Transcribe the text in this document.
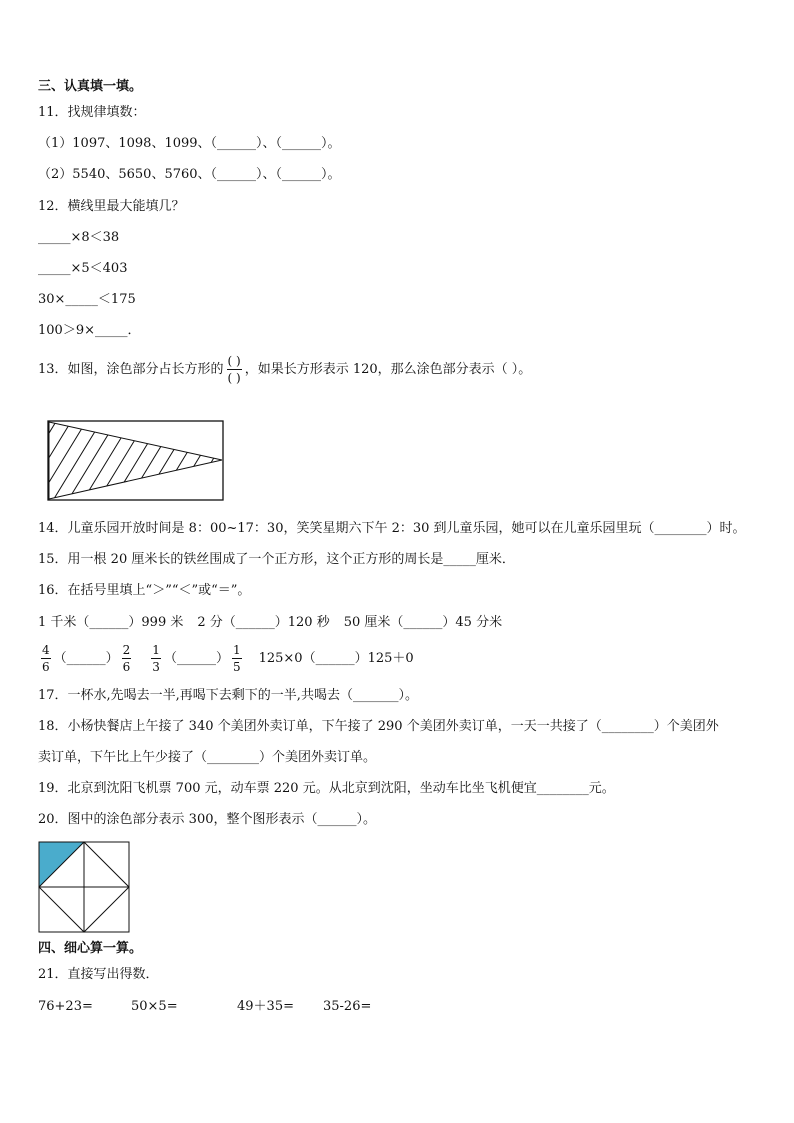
三、认真填一填。
11．找规律填数：
（1）1097、1098、1099、（______）、（______）。
（2）5540、5650、5760、（______）、（______）。
12．横线里最大能填几？
_____×8＜38
_____×5＜403
30×_____＜175
100＞9×_____．
13．如图，涂色部分占长方形的 $\frac{( )}{( )}$ ，如果长方形表示 120，那么涂色部分表示（ ）。
14．儿童乐园开放时间是 8：00~17：30，笑笑星期六下午 2：30 到儿童乐园，她可以在儿童乐园里玩（________）时。
15．用一根 20 厘米长的铁丝围成了一个正方形，这个正方形的周长是_____厘米．
16．在括号里填上“＞”“＜”或“＝”。
1 千米（______）999 米 2 分（______）120 秒 50 厘米（______）45 分米
$\frac{4}{6}$ （______） $\frac{2}{6} \frac{1}{3}$ （______） $\frac{1}{5}$ 125×0（______）125＋0
17．一杯水,先喝去一半,再喝下去剩下的一半,共喝去（_______）。
18．小杨快餐店上午接了 340 个美团外卖订单，下午接了 290 个美团外卖订单，一天一共接了（________）个美团外
卖订单，下午比上午少接了（________）个美团外卖订单。
19．北京到沈阳飞机票 700 元，动车票 220 元。从北京到沈阳，坐动车比坐飞机便宜________元。
20．图中的涂色部分表示 300，整个图形表示（______）。
四、细心算一算。
21．直接写出得数．
76+23=	50×5=	49＋35= 35-26=
